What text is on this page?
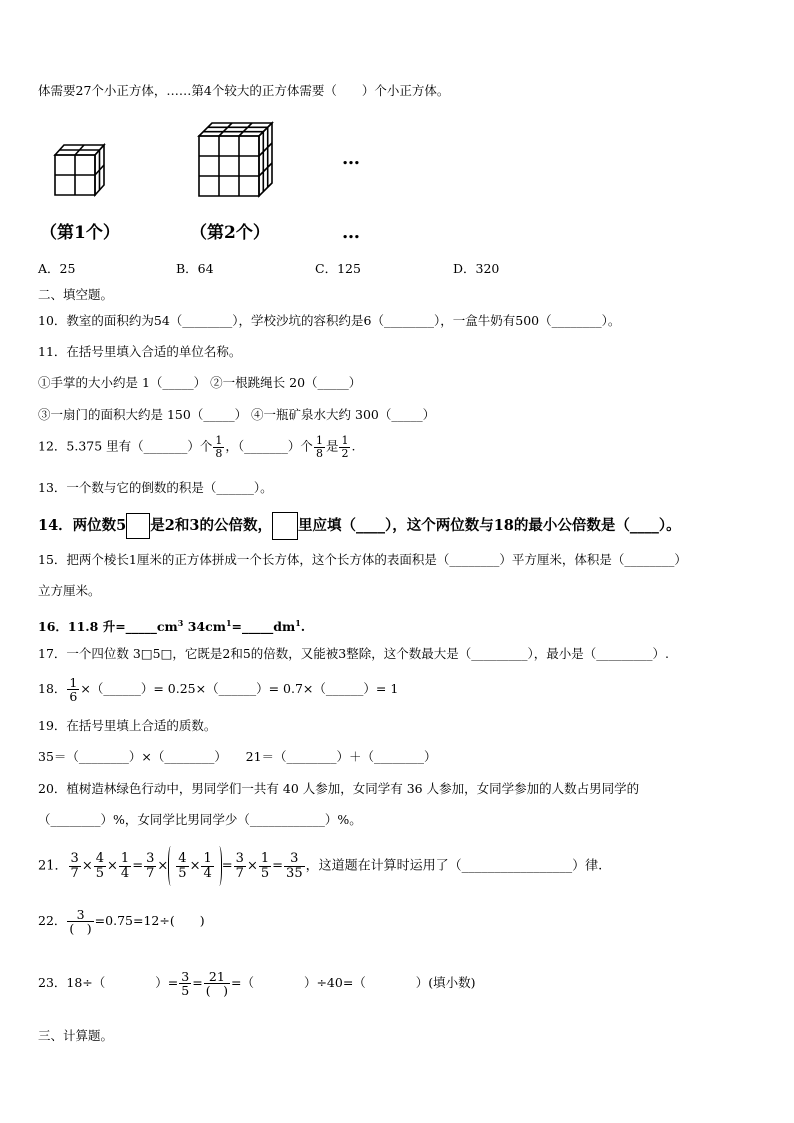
体需要27个小正方体，……第4个较大的正方体需要（　　）个小正方体。
（第1个）	（第2个）
…
…
A．25	B．64	C．125	D．320
二、填空题。
10．教室的面积约为54（________），学校沙坑的容积约是6（________），一盒牛奶有500（________）。
11．在括号里填入合适的单位名称。
①手掌的大小约是 1（_____） ②一根跳绳长 20（_____）
③一扇门的面积大约是 150（_____） ④一瓶矿泉水大约 300（_____）
12．5.375 里有（_______）个 $\frac{1}{8}$ ，（_______）个 $\frac{1}{8}$ 是 $\frac{1}{2}$ .
13．一个数与它的倒数的积是（______）。
14．两位数5 是2和3的公倍数， 里应填（____），这个两位数与18的最小公倍数是（____）。
15．把两个棱长1厘米的正方体拼成一个长方体，这个长方体的表面积是（________）平方厘米，体积是（________）
立方厘米。
16．11.8 升$=\_\_\_\_\_cm^3$ $34cm^1=\_\_\_\_\_dm^1$.
17．一个四位数 3□5□，它既是2和5的倍数，又能被3整除，这个数最大是（_________），最小是（_________）.
18． $\frac{1}{6}$ ×（______）= 0.25×（______）= 0.7×（______）= 1
19．在括号里填上合适的质数。
35＝（________）×（________）　　21＝（________）＋（________）
20．植树造林绿色行动中，男同学们一共有 40 人参加，女同学有 36 人参加，女同学参加的人数占男同学的
（________）%，女同学比男同学少（____________）%。
21． $\frac{3}{7} \times \frac{4}{5} \times \frac{1}{4} = \frac{3}{7} \times \frac{4}{5} \times \frac{1}{4} = \frac{3}{7} \times \frac{1}{5} = \frac{3}{35}$ ，这道题在计算时运用了（_________________）律.
22． $\frac{3}{( )} =0.75=12\div$(　　)
23．18÷（　　　　）= $\frac{3}{5} = \frac{21}{( )}$ =（　　　　）÷40=（　　　　）(填小数)
三、计算题。
